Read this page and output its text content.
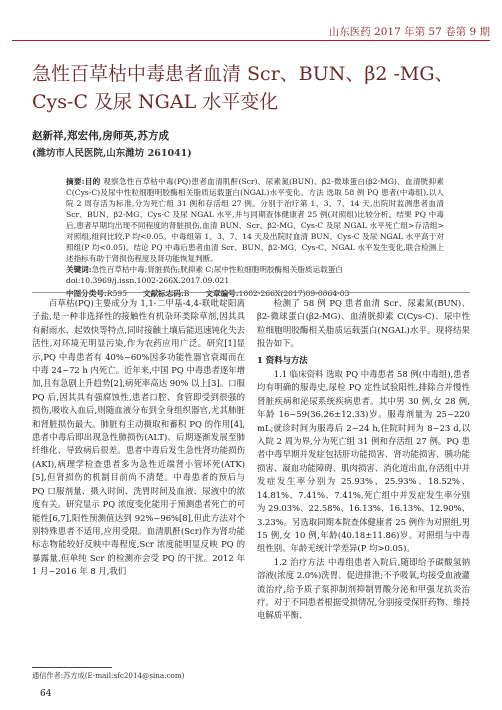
山东医药 2017 年第 57 卷第 9 期
急性百草枯中毒患者血清 Scr、BUN、β2 -MG、Cys-C 及尿 NGAL 水平变化
赵新祥,郑宏伟,房师英,苏方成
(潍坊市人民医院,山东潍坊 261041)

摘要:目的 观察急性百草枯中毒(PQ)患者血清肌酐(Scr)、尿素氮(BUN)、β2-微球蛋白(β2-MG)、血清胱抑素C(Cys-C)及尿中性粒细胞明胶酶相关脂质运载蛋白(NGAL)水平变化。方法 选取 58 例 PQ 患者(中毒组),以人院 2 周存活为标准,分为死亡组 31 例和存活组 27 例。分别于治疗第 1、3、7、14 天,出院时监测患者血清 Scr、BUN、β2-MG、Cys-C 及尿 NGAL 水平,并与同期查体健康者 25 例(对照组)比较分析。结果 PQ 中毒后,患者早期均出现不同程度的肾脏损伤,血清 BUN、Scr、β2-MG、Cys-C 及尿 NGAL 水平死亡组>存活组>对照组,组间比较,P 均<0.05。中毒组第 1、3、7、14 天及出院时血清 BUN、Cys-C 及尿 NGAL 水平高于对照组(P 均<0.05)。结论 PQ 中毒后患者血清 Scr、BUN、β2-MG、Cys-C、NGAL 水平发生变化,联合检测上述指标有助于肾损伤程度及肾功能恢复判断。

关键词:急性百草枯中毒;肾脏损伤;胱抑素 C;尿中性粒细胞明胶酶相关脂质运载蛋白

doi:10.3969/j.issn.1002-266X.2017.09.021

中图分类号:R595 文献标志码:B 文章编号:1002-266X(2017)09-0064-03

百草枯(PQ)主要成分为 1,1-二甲基-4,4-联吡啶阳离子盐,是一种非选择性的接触性有机杂环类除草剂,因其具有耐雨水、起效快等特点,同时接触土壤后能迅速钝化失去活性,对环境无明显污染,作为农药应用广泛。研究[1]显示,PQ 中毒患者有 40%~60%因多功能性器官衰竭而在中毒 24~72 h 内死亡。近年来,中国 PQ 中毒患者逐年增加,且有急剧上升趋势[2],病死率高达 90% 以上[3]。口服 PQ 后,因其具有强腐蚀性,患者口腔、食管即受到很强的损伤,吸收入血后,则随血液分布到全身组织器官,尤其肺脏和肾脏损伤最大。肺脏有主动摄取和蓄积 PQ 的作用[4],患者中毒后即出现急性肺损伤(ALT)、后期逐渐发展至肺纤维化、导致病后很差。患者中毒后发生急性肾功能损伤(AKI),病理学检查患者多为急性近端肾小管坏死(ATK)[5],但肾损伤的机制目前尚不清楚。中毒患者的预后与 PQ 口服剂量、摄入时间、洗胃时间及血液、尿液中的浓度有关。研究显示 PQ 浓度变化能用于预测患者死亡的可能性[6,7],阳性预测值达到 92%~96%[8],但此方法对个别特殊患者不适用,应用受限。血清肌酐(Scr)作为肾功能标志物能较好反映中毒程度,Scr 浓度能明显反映 PQ 的暴露量,但单纯 Scr 的检测亦会受 PQ 的干扰。2012 年 1 月~2016 年 8 月,我们

检测了 58 例 PQ 患者血清 Scr、尿素氮(BUN)、β2-微球蛋白(β2-MG)、血清胱抑素 C(Cys-C)、尿中性粒细胞明胶酶相关脂质运载蛋白(NGAL)水平。现将结果报告如下。

1 资料与方法

1.1 临床资料 选取 PQ 中毒患者 58 例(中毒组),患者均有明确的服毒史,尿检 PQ 定性试验阳性,排除合并慢性肾脏疾病和泌尿系统疾病患者。其中男 30 例,女 28 例,年龄 16~59(36.26±12.33)岁。服毒剂量为 25~220 mL;就诊时间为服毒后 2~24 h,住院时间为 8~23 d,以入院 2 周为界,分为死亡组 31 例和存活组 27 例。PQ 患者中毒早期并发症包括肝功能损害、肾功能损害、胰功能损害、凝血功能障碍、肌肉损害、消化道出血,存活组中并发症发生率分别为 25.93%、25.93%、18.52%、14.81%、7.41%、7.41%,死亡组中并发症发生率分别为 29.03%、22.58%、16.13%、16.13%、12.90%、3.23%。另选取同期本院查体健康者 25 例作为对照组,男 15 例,女 10 例,年龄(40.18±11.86)岁。对照组与中毒组性别、年龄无统计学差异(P 均>0.05)。

1.2 治疗方法 中毒组患者入院后,随即给予碳酸氢钠溶液(浓度 2.0%)洗胃、促进排泄;不予吸氧,均接受血液灌流治疗,给予质子泵抑制剂抑制胃酸分泌和甲强龙抗炎治疗。对于不同患者根据受损情况,分别接受保肝药物、维持电解质平衡、

通信作者:苏方成(E-mail:sfc2014@sina.com)
64
